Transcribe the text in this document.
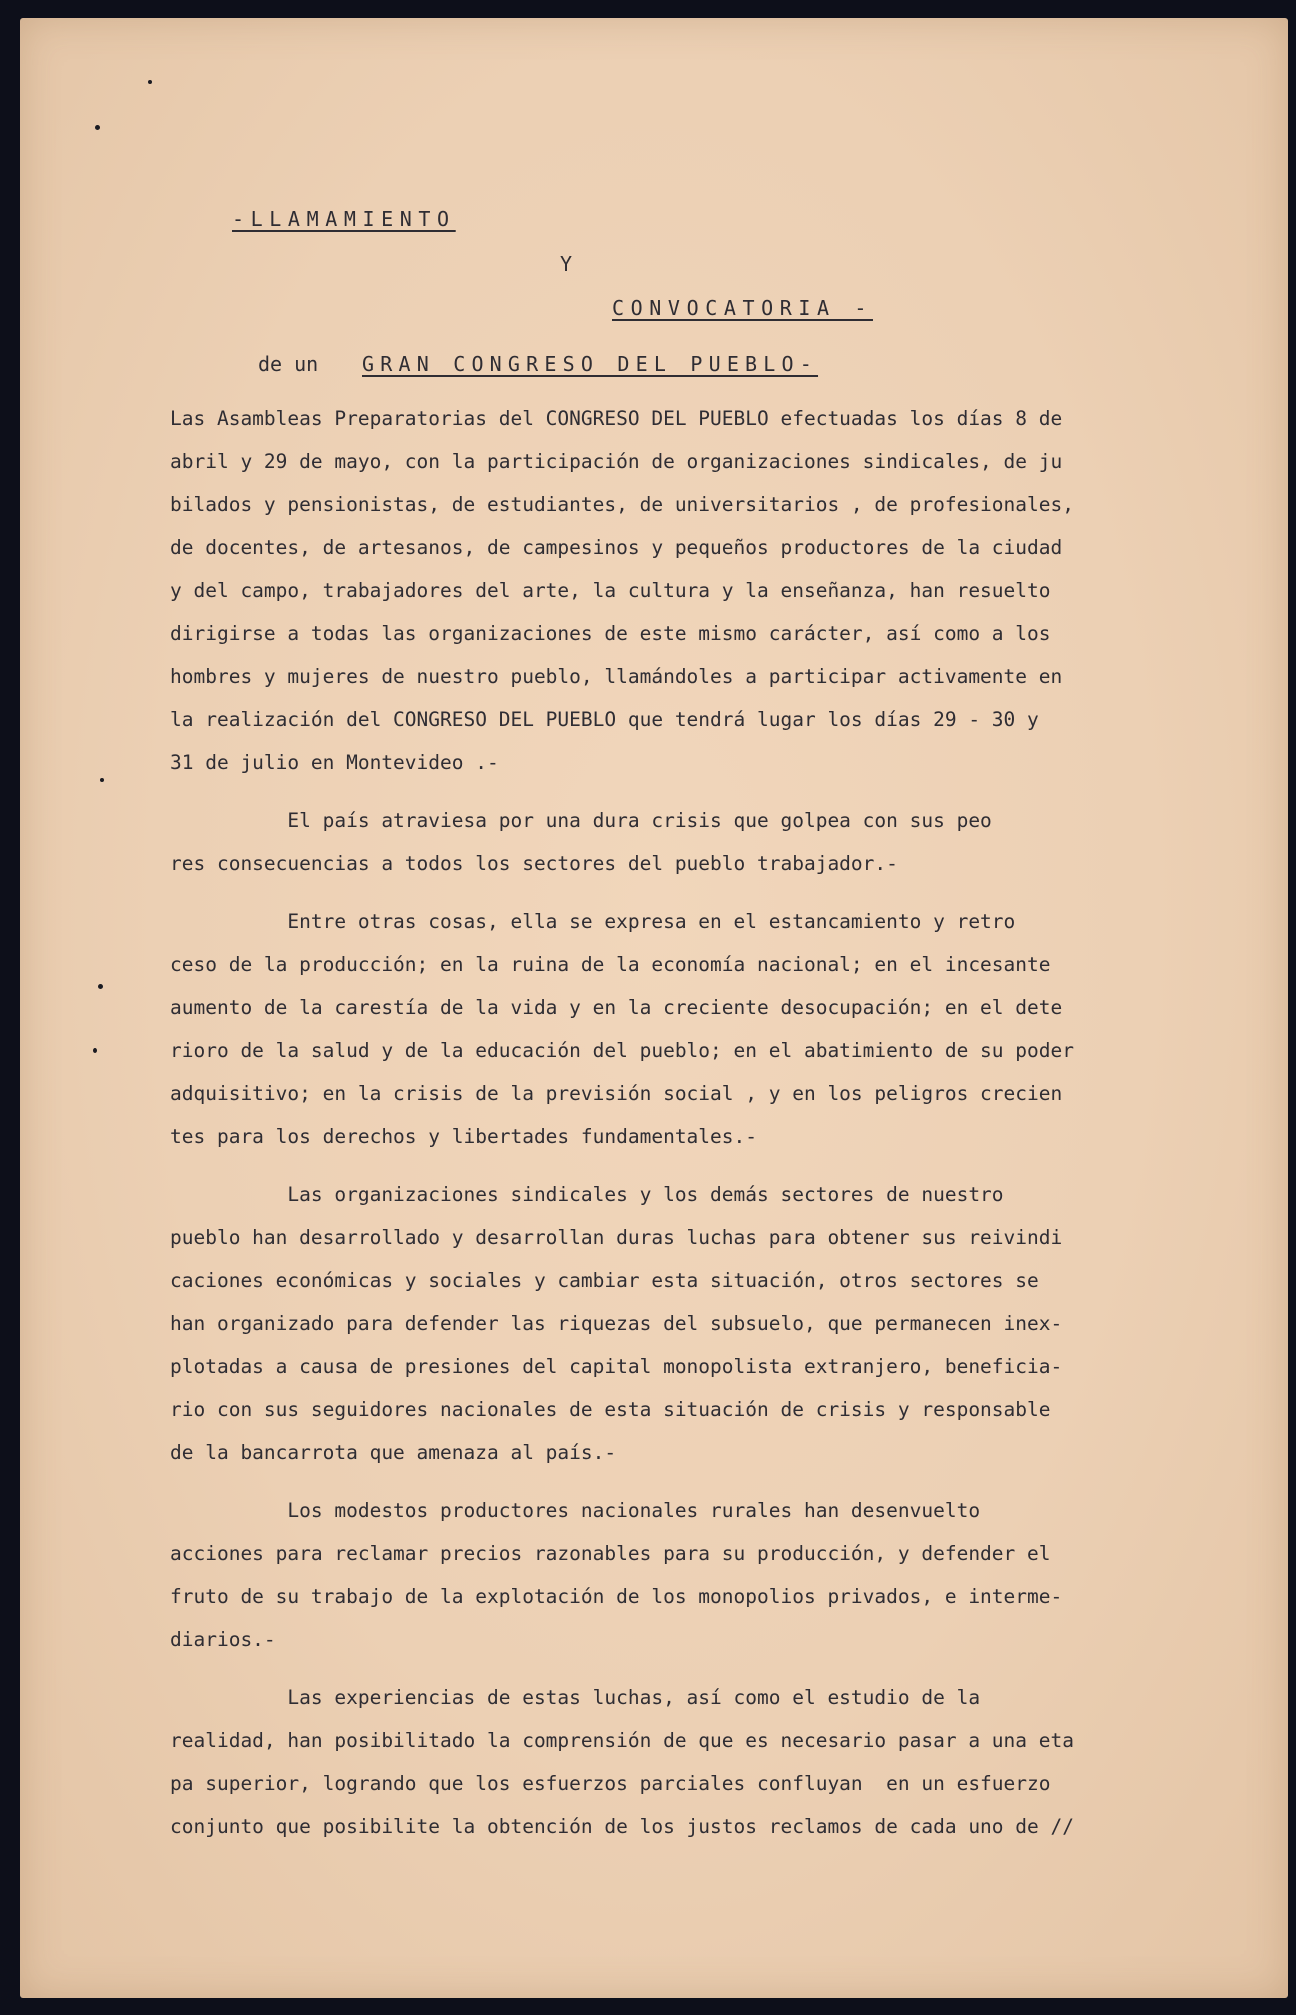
-LLAMAMIENTO
Y
CONVOCATORIA -
de un GRAN CONGRESO DEL PUEBLO-
Las Asambleas Preparatorias del CONGRESO DEL PUEBLO efectuadas los días 8 de
abril y 29 de mayo, con la participación de organizaciones sindicales, de ju
bilados y pensionistas, de estudiantes, de universitarios , de profesionales,
de docentes, de artesanos, de campesinos y pequeños productores de la ciudad
y del campo, trabajadores del arte, la cultura y la enseñanza, han resuelto
dirigirse a todas las organizaciones de este mismo carácter, así como a los
hombres y mujeres de nuestro pueblo, llamándoles a participar activamente en
la realización del CONGRESO DEL PUEBLO que tendrá lugar los días 29 - 30 y
31 de julio en Montevideo .-
El país atraviesa por una dura crisis que golpea con sus peo
res consecuencias a todos los sectores del pueblo trabajador.-
Entre otras cosas, ella se expresa en el estancamiento y retro
ceso de la producción; en la ruina de la economía nacional; en el incesante
aumento de la carestía de la vida y en la creciente desocupación; en el dete
rioro de la salud y de la educación del pueblo; en el abatimiento de su poder
adquisitivo; en la crisis de la previsión social , y en los peligros crecien
tes para los derechos y libertades fundamentales.-
Las organizaciones sindicales y los demás sectores de nuestro
pueblo han desarrollado y desarrollan duras luchas para obtener sus reivindi
caciones económicas y sociales y cambiar esta situación, otros sectores se
han organizado para defender las riquezas del subsuelo, que permanecen inex-
plotadas a causa de presiones del capital monopolista extranjero, beneficia-
rio con sus seguidores nacionales de esta situación de crisis y responsable
de la bancarrota que amenaza al país.-
Los modestos productores nacionales rurales han desenvuelto
acciones para reclamar precios razonables para su producción, y defender el
fruto de su trabajo de la explotación de los monopolios privados, e interme-
diarios.-
Las experiencias de estas luchas, así como el estudio de la
realidad, han posibilitado la comprensión de que es necesario pasar a una eta
pa superior, logrando que los esfuerzos parciales confluyan  en un esfuerzo
conjunto que posibilite la obtención de los justos reclamos de cada uno de //
